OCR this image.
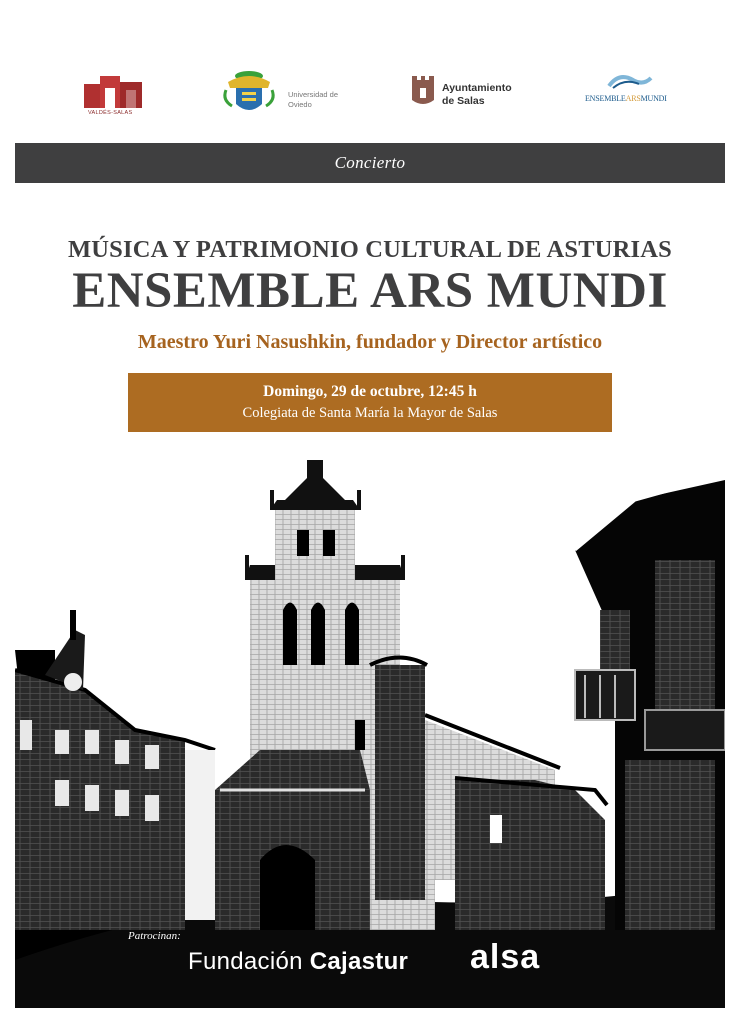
VALDÉS-SALAS
Universidad de Oviedo
Ayuntamiento
de Salas	ENSEMBLEARSMUNDI
Concierto
MÚSICA Y PATRIMONIO CULTURAL DE ASTURIAS
ENSEMBLE ARS MUNDI
Maestro Yuri Nasushkin, fundador y Director artístico
Domingo, 29 de octubre, 12:45 h
Colegiata de Santa María la Mayor de Salas
Patrocinan:
Fundación Cajastur alsa
